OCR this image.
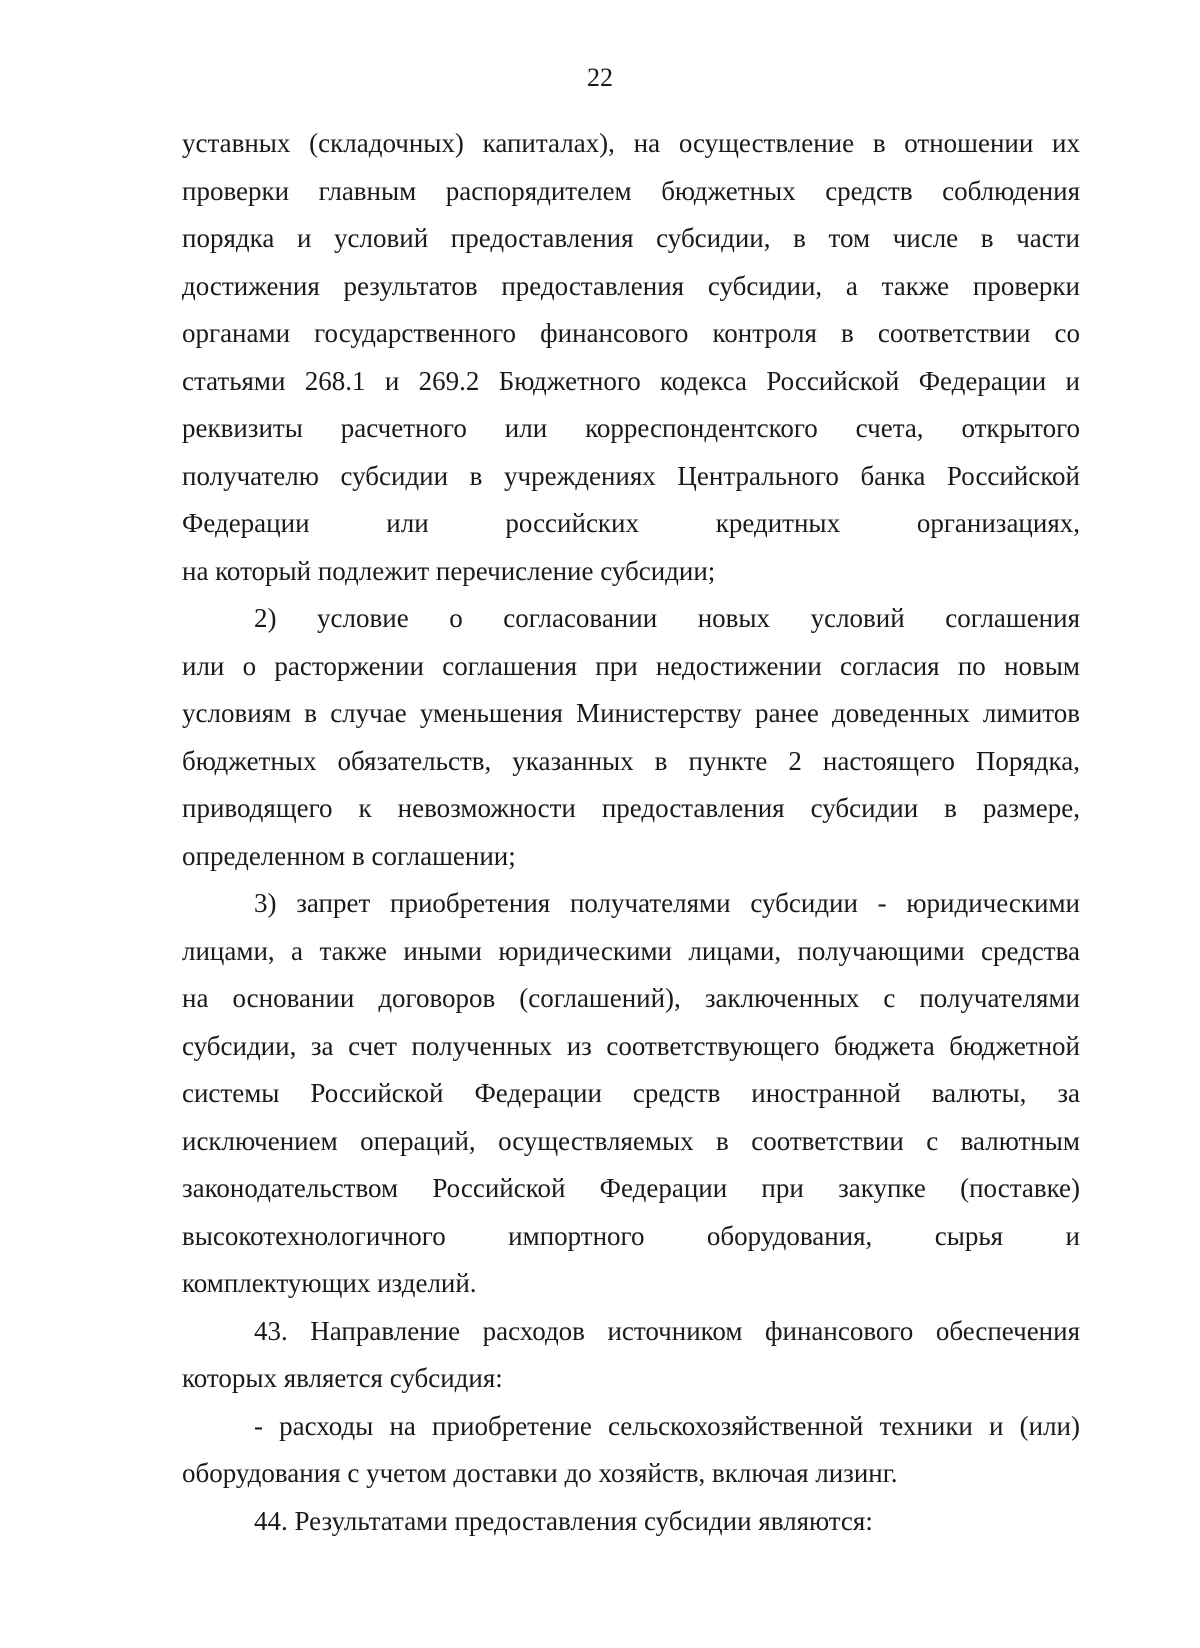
22
уставных (складочных) капиталах), на осуществление в отношении их
проверки главным распорядителем бюджетных средств соблюдения
порядка и условий предоставления субсидии, в том числе в части
достижения результатов предоставления субсидии, а также проверки
органами государственного финансового контроля в соответствии со
статьями 268.1 и 269.2 Бюджетного кодекса Российской Федерации и
реквизиты расчетного или корреспондентского счета, открытого
получателю субсидии в учреждениях Центрального банка Российской
Федерации или российских кредитных организациях,
на который подлежит перечисление субсидии;
2) условие о согласовании новых условий соглашения
или о расторжении соглашения при недостижении согласия по новым
условиям в случае уменьшения Министерству ранее доведенных лимитов
бюджетных обязательств, указанных в пункте 2 настоящего Порядка,
приводящего к невозможности предоставления субсидии в размере,
определенном в соглашении;
3) запрет приобретения получателями субсидии - юридическими
лицами, а также иными юридическими лицами, получающими средства
на основании договоров (соглашений), заключенных с получателями
субсидии, за счет полученных из соответствующего бюджета бюджетной
системы Российской Федерации средств иностранной валюты, за
исключением операций, осуществляемых в соответствии с валютным
законодательством Российской Федерации при закупке (поставке)
высокотехнологичного импортного оборудования, сырья и
комплектующих изделий.
43. Направление расходов источником финансового обеспечения
которых является субсидия:
- расходы на приобретение сельскохозяйственной техники и (или)
оборудования с учетом доставки до хозяйств, включая лизинг.
44. Результатами предоставления субсидии являются:
